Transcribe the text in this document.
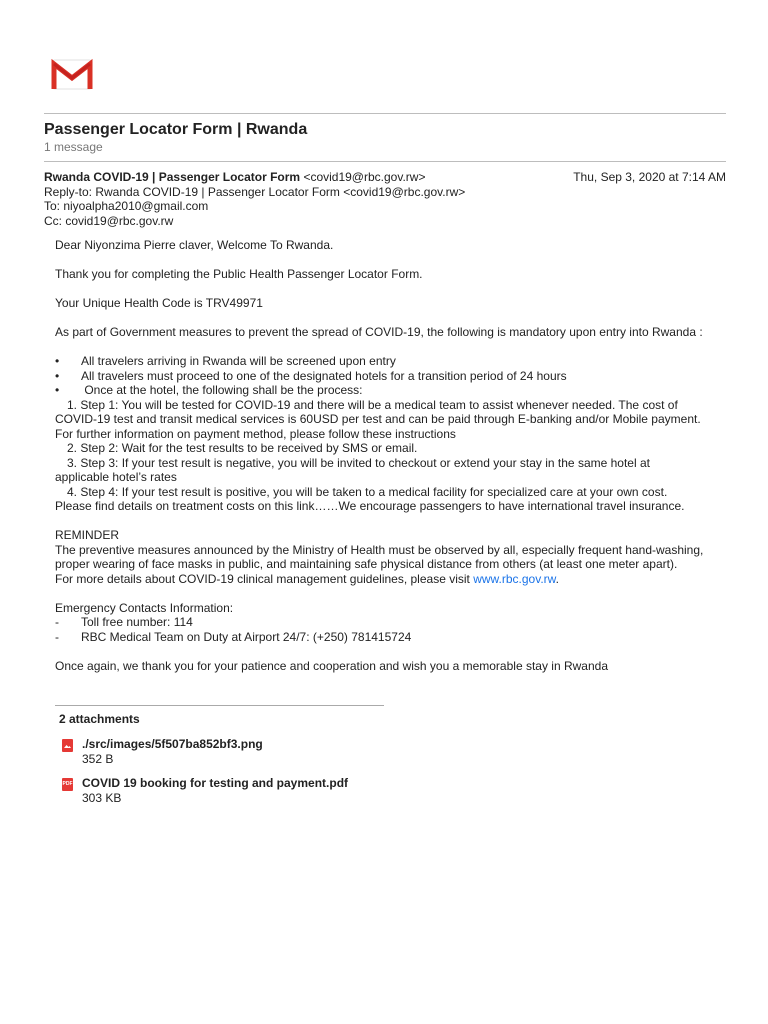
Passenger Locator Form | Rwanda
1 message
Rwanda COVID-19 | Passenger Locator Form <covid19@rbc.gov.rw>	Thu, Sep 3, 2020 at 7:14 AM
Reply-to: Rwanda COVID-19 | Passenger Locator Form <covid19@rbc.gov.rw>
To: niyoalpha2010@gmail.com
Cc: covid19@rbc.gov.rw

Dear Niyonzima Pierre claver, Welcome To Rwanda.

Thank you for completing the Public Health Passenger Locator Form.

Your Unique Health Code is TRV49971

As part of Government measures to prevent the spread of COVID-19, the following is mandatory upon entry into Rwanda :

•	All travelers arriving in Rwanda will be screened upon entry
•	All travelers must proceed to one of the designated hotels for a transition period of 24 hours
•	Once at the hotel, the following shall be the process:
1. Step 1: You will be tested for COVID-19 and there will be a medical team to assist whenever needed. The cost of
COVID-19 test and transit medical services is 60USD per test and can be paid through E-banking and/or Mobile payment.
For further information on payment method, please follow these instructions
2. Step 2: Wait for the test results to be received by SMS or email.
3. Step 3: If your test result is negative, you will be invited to checkout or extend your stay in the same hotel at
applicable hotel’s rates
4. Step 4: If your test result is positive, you will be taken to a medical facility for specialized care at your own cost.
Please find details on treatment costs on this link……We encourage passengers to have international travel insurance.
REMINDER
The preventive measures announced by the Ministry of Health must be observed by all, especially frequent hand-washing,
proper wearing of face masks in public, and maintaining safe physical distance from others (at least one meter apart).
For more details about COVID-19 clinical management guidelines, please visit www.rbc.gov.rw.
Emergency Contacts Information:
-	Toll free number: 114
-	RBC Medical Team on Duty at Airport 24/7: (+250) 781415724

Once again, we thank you for your patience and cooperation and wish you a memorable stay in Rwanda

2 attachments
./src/images/5f507ba852bf3.png
352 B
PDF COVID 19 booking for testing and payment.pdf
303 KB
